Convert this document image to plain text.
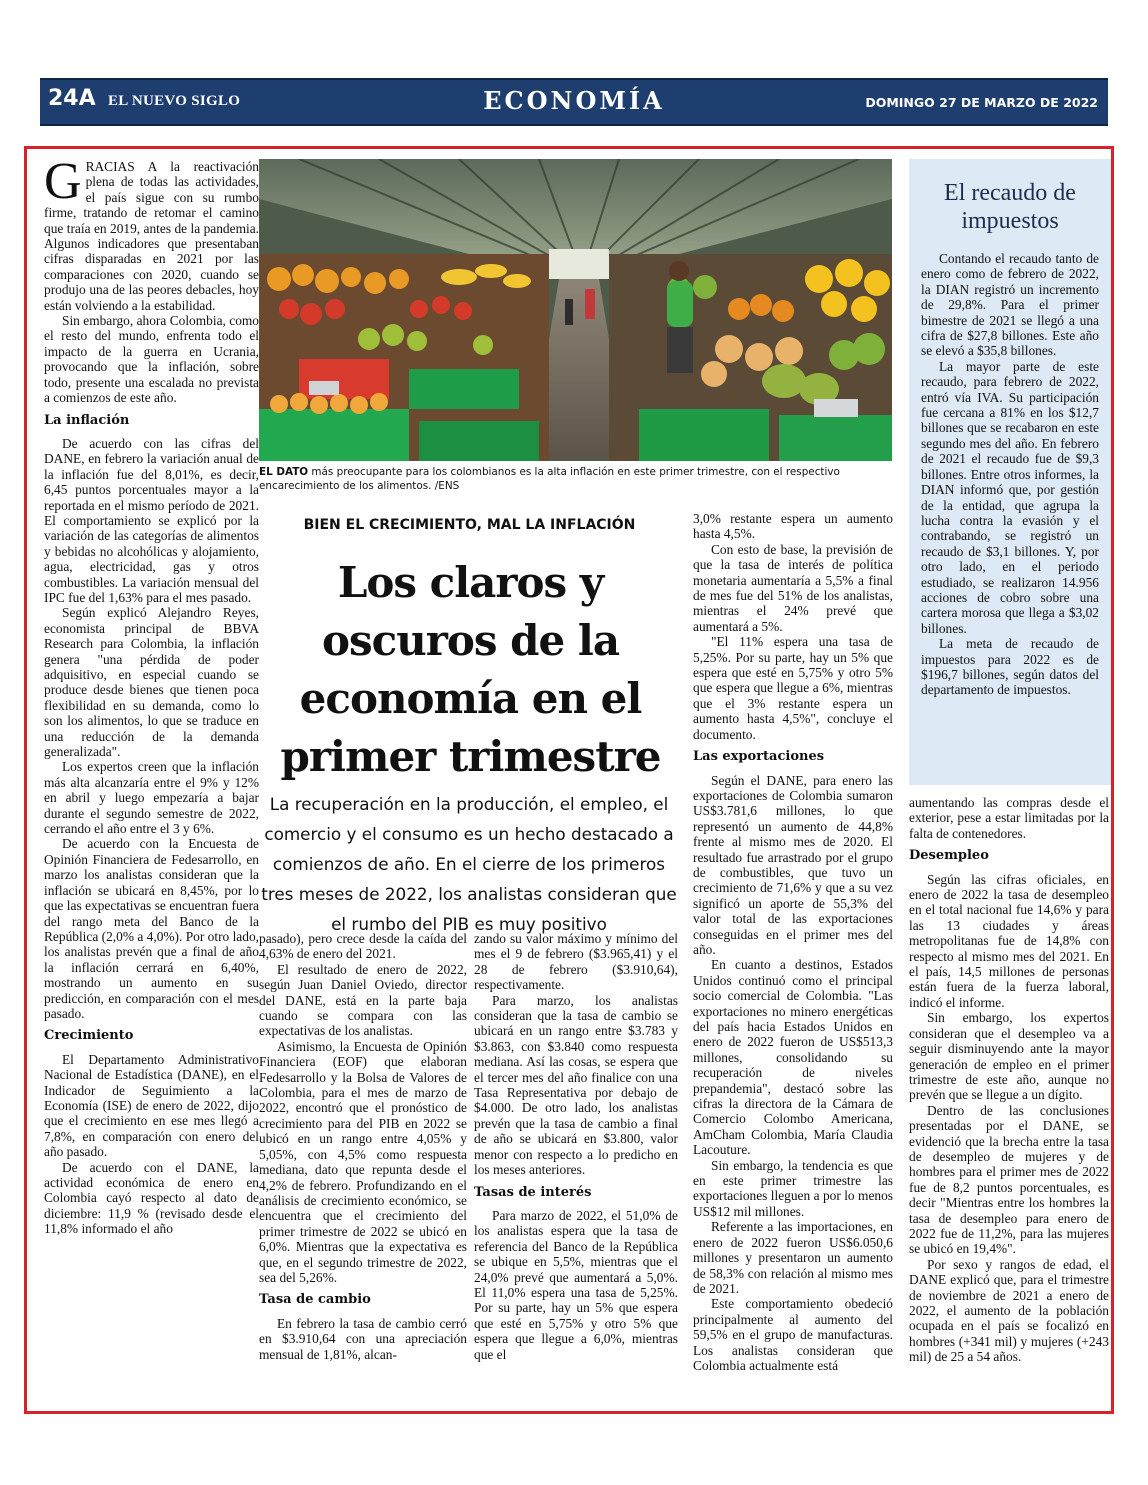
24A EL NUEVO SIGLO	ECONOMÍA	DOMINGO 27 DE MARZO DE 2022

GRACIAS A la reactivación plena de todas las actividades, el país sigue con su rumbo firme, tratando de retomar el camino que traía en 2019, antes de la pandemia. Algunos indicadores que presentaban cifras disparadas en 2021 por las comparaciones con 2020, cuando se produjo una de las peores debacles, hoy están volviendo a la estabilidad.

Sin embargo, ahora Colombia, como el resto del mundo, enfrenta todo el impacto de la guerra en Ucrania, provocando que la inflación, sobre todo, presente una escalada no prevista a comienzos de este año.

La inflación

De acuerdo con las cifras del DANE, en febrero la variación anual de la inflación fue del 8,01%, es decir, 6,45 puntos porcentuales mayor a la reportada en el mismo período de 2021. El comportamiento se explicó por la variación de las categorías de alimentos y bebidas no alcohólicas y alojamiento, agua, electricidad, gas y otros combustibles. La variación mensual del IPC fue del 1,63% para el mes pasado.

Según explicó Alejandro Reyes, economista principal de BBVA Research para Colombia, la inflación genera "una pérdida de poder adquisitivo, en especial cuando se produce desde bienes que tienen poca flexibilidad en su demanda, como lo son los alimentos, lo que se traduce en una reducción de la demanda generalizada".

Los expertos creen que la inflación más alta alcanzaría entre el 9% y 12% en abril y luego empezaría a bajar durante el segundo semestre de 2022, cerrando el año entre el 3 y 6%.

De acuerdo con la Encuesta de Opinión Financiera de Fedesarrollo, en marzo los analistas consideran que la inflación se ubicará en 8,45%, por lo que las expectativas se encuentran fuera del rango meta del Banco de la República (2,0% a 4,0%). Por otro lado, los analistas prevén que a final de año la inflación cerrará en 6,40%, mostrando un aumento en su predicción, en comparación con el mes pasado.

Crecimiento

El Departamento Administrativo Nacional de Estadística (DANE), en el Indicador de Seguimiento a la Economía (ISE) de enero de 2022, dijo que el crecimiento en ese mes llegó a 7,8%, en comparación con enero del año pasado.

De acuerdo con el DANE, la actividad económica de enero en Colombia cayó respecto al dato de diciembre: 11,9 % (revisado desde el 11,8% informado el año

EL DATO más preocupante para los colombianos es la alta inflación en este primer trimestre, con el respectivo encarecimiento de los alimentos. /ENS
BIEN EL CRECIMIENTO, MAL LA INFLACIÓN
Los claros y oscuros de la economía en el primer trimestre
La recuperación en la producción, el empleo, el comercio y el consumo es un hecho destacado a comienzos de año. En el cierre de los primeros tres meses de 2022, los analistas consideran que el rumbo del PIB es muy positivo

pasado), pero crece desde la caída del 4,63% de enero del 2021.

El resultado de enero de 2022, según Juan Daniel Oviedo, director del DANE, está en la parte baja cuando se compara con las expectativas de los analistas.

Asimismo, la Encuesta de Opinión Financiera (EOF) que elaboran Fedesarrollo y la Bolsa de Valores de Colombia, para el mes de marzo de 2022, encontró que el pronóstico de crecimiento para del PIB en 2022 se ubicó en un rango entre 4,05% y 5,05%, con 4,5% como respuesta mediana, dato que repunta desde el 4,2% de febrero. Profundizando en el análisis de crecimiento económico, se encuentra que el crecimiento del primer trimestre de 2022 se ubicó en 6,0%. Mientras que la expectativa es que, en el segundo trimestre de 2022, sea del 5,26%.

Tasa de cambio

En febrero la tasa de cambio cerró en $3.910,64 con una apreciación mensual de 1,81%, alcan-

zando su valor máximo y mínimo del mes el 9 de febrero ($3.965,41) y el 28 de febrero ($3.910,64), respectivamente.

Para marzo, los analistas consideran que la tasa de cambio se ubicará en un rango entre $3.783 y $3.863, con $3.840 como respuesta mediana. Así las cosas, se espera que el tercer mes del año finalice con una Tasa Representativa por debajo de $4.000. De otro lado, los analistas prevén que la tasa de cambio a final de año se ubicará en $3.800, valor menor con respecto a lo predicho en los meses anteriores.

Tasas de interés

Para marzo de 2022, el 51,0% de los analistas espera que la tasa de referencia del Banco de la República se ubique en 5,5%, mientras que el 24,0% prevé que aumentará a 5,0%. El 11,0% espera una tasa de 5,25%. Por su parte, hay un 5% que espera que esté en 5,75% y otro 5% que espera que llegue a 6,0%, mientras que el

3,0% restante espera un aumento hasta 4,5%.

Con esto de base, la previsión de que la tasa de interés de política monetaria aumentaría a 5,5% a final de mes fue del 51% de los analistas, mientras el 24% prevé que aumentará a 5%.

"El 11% espera una tasa de 5,25%. Por su parte, hay un 5% que espera que esté en 5,75% y otro 5% que espera que llegue a 6%, mientras que el 3% restante espera un aumento hasta 4,5%", concluye el documento.

Las exportaciones

Según el DANE, para enero las exportaciones de Colombia sumaron US$3.781,6 millones, lo que representó un aumento de 44,8% frente al mismo mes de 2020. El resultado fue arrastrado por el grupo de combustibles, que tuvo un crecimiento de 71,6% y que a su vez significó un aporte de 55,3% del valor total de las exportaciones conseguidas en el primer mes del año.

En cuanto a destinos, Estados Unidos continuó como el principal socio comercial de Colombia. "Las exportaciones no minero energéticas del país hacia Estados Unidos en enero de 2022 fueron de US$513,3 millones, consolidando su recuperación de niveles prepandemia", destacó sobre las cifras la directora de la Cámara de Comercio Colombo Americana, AmCham Colombia, María Claudia Lacouture.

Sin embargo, la tendencia es que en este primer trimestre las exportaciones lleguen a por lo menos US$12 mil millones.

Referente a las importaciones, en enero de 2022 fueron US$6.050,6 millones y presentaron un aumento de 58,3% con relación al mismo mes de 2021.

Este comportamiento obedeció principalmente al aumento del 59,5% en el grupo de manufacturas. Los analistas consideran que Colombia actualmente está

El recaudo de impuestos

Contando el recaudo tanto de enero como de febrero de 2022, la DIAN registró un incremento de 29,8%. Para el primer bimestre de 2021 se llegó a una cifra de $27,8 billones. Este año se elevó a $35,8 billones.

La mayor parte de este recaudo, para febrero de 2022, entró vía IVA. Su participación fue cercana a 81% en los $12,7 billones que se recabaron en este segundo mes del año. En febrero de 2021 el recaudo fue de $9,3 billones. Entre otros informes, la DIAN informó que, por gestión de la entidad, que agrupa la lucha contra la evasión y el contrabando, se registró un recaudo de $3,1 billones. Y, por otro lado, en el periodo estudiado, se realizaron 14.956 acciones de cobro sobre una cartera morosa que llega a $3,02 billones.

La meta de recaudo de impuestos para 2022 es de $196,7 billones, según datos del departamento de impuestos.

aumentando las compras desde el exterior, pese a estar limitadas por la falta de contenedores.

Desempleo

Según las cifras oficiales, en enero de 2022 la tasa de desempleo en el total nacional fue 14,6% y para las 13 ciudades y áreas metropolitanas fue de 14,8% con respecto al mismo mes del 2021. En el país, 14,5 millones de personas están fuera de la fuerza laboral, indicó el informe.

Sin embargo, los expertos consideran que el desempleo va a seguir disminuyendo ante la mayor generación de empleo en el primer trimestre de este año, aunque no prevén que se llegue a un dígito.

Dentro de las conclusiones presentadas por el DANE, se evidenció que la brecha entre la tasa de desempleo de mujeres y de hombres para el primer mes de 2022 fue de 8,2 puntos porcentuales, es decir "Mientras entre los hombres la tasa de desempleo para enero de 2022 fue de 11,2%, para las mujeres se ubicó en 19,4%".

Por sexo y rangos de edad, el DANE explicó que, para el trimestre de noviembre de 2021 a enero de 2022, el aumento de la población ocupada en el país se focalizó en hombres (+341 mil) y mujeres (+243 mil) de 25 a 54 años.
